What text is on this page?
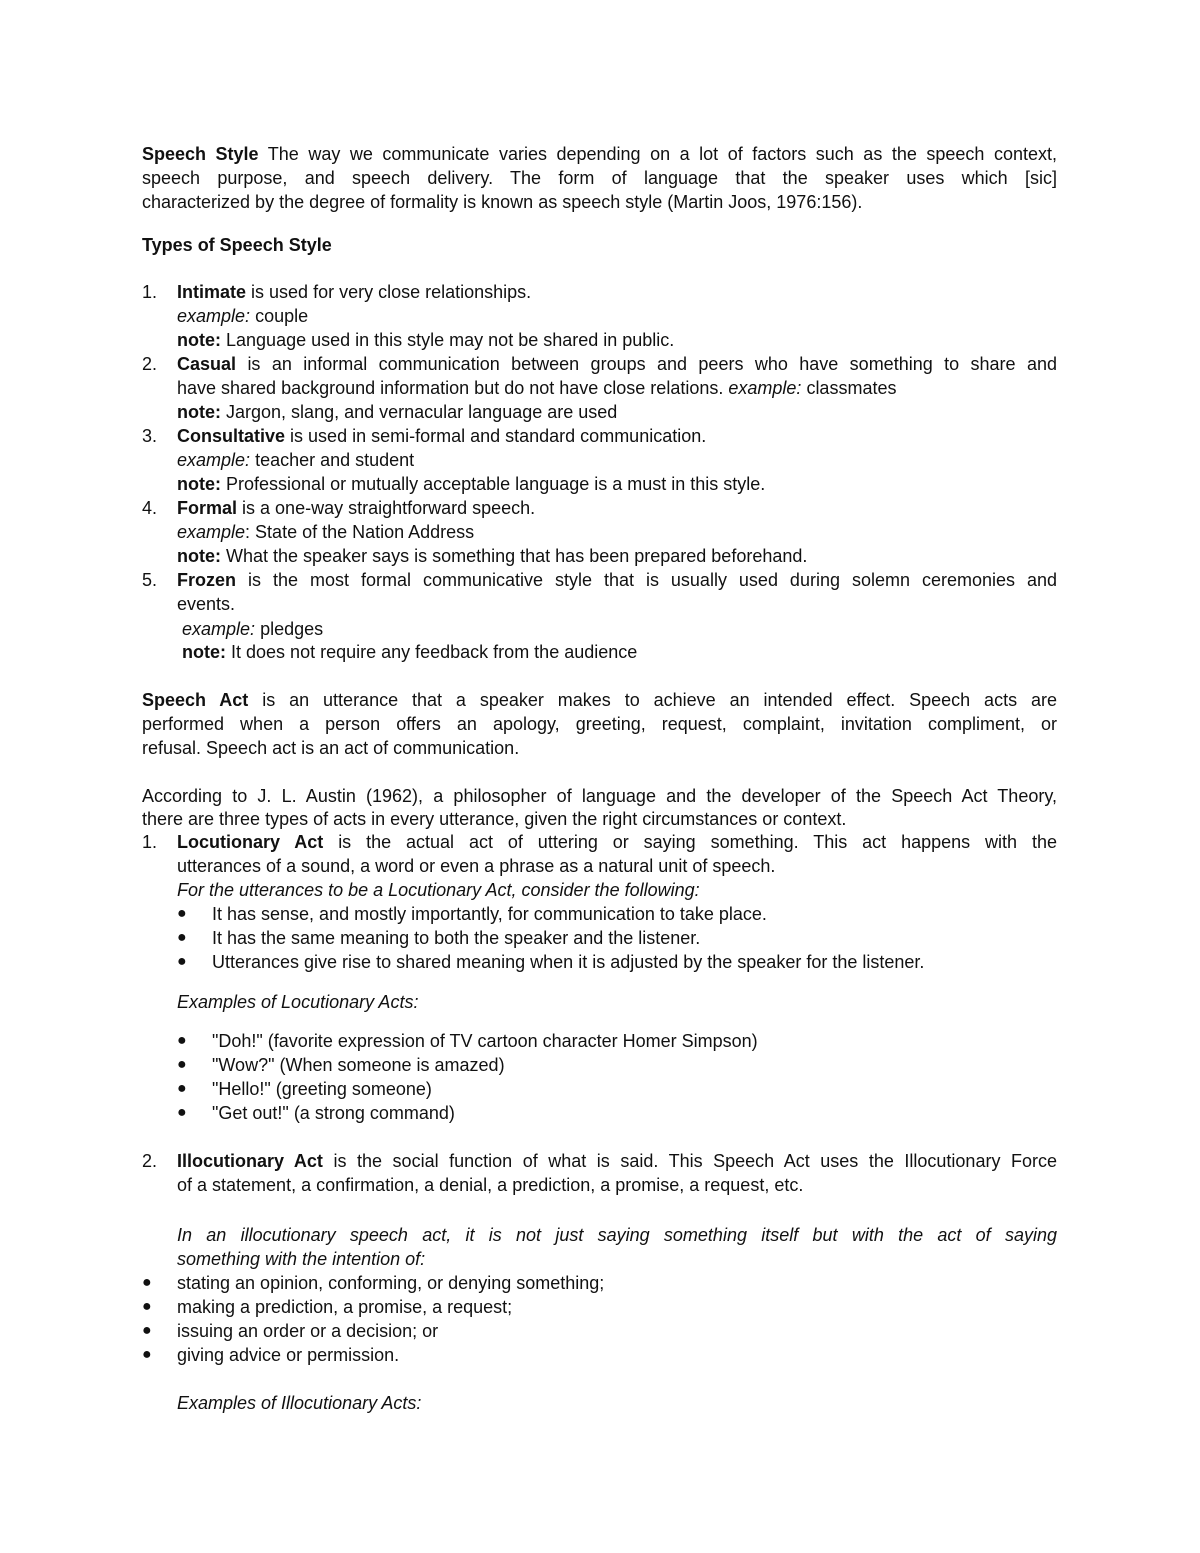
Speech Style The way we communicate varies depending on a lot of factors such as the speech context,
speech purpose, and speech delivery. The form of language that the speaker uses which [sic]
characterized by the degree of formality is known as speech style (Martin Joos, 1976:156).
Types of Speech Style
1. Intimate is used for very close relationships.
example: couple
note: Language used in this style may not be shared in public.
2. Casual is an informal communication between groups and peers who have something to share and
have shared background information but do not have close relations. example: classmates
note: Jargon, slang, and vernacular language are used
3. Consultative is used in semi-formal and standard communication.
example: teacher and student
note: Professional or mutually acceptable language is a must in this style.
4. Formal is a one-way straightforward speech.
example: State of the Nation Address
note: What the speaker says is something that has been prepared beforehand.
5. Frozen is the most formal communicative style that is usually used during solemn ceremonies and
events.
example: pledges
note: It does not require any feedback from the audience
Speech Act is an utterance that a speaker makes to achieve an intended effect. Speech acts are
performed when a person offers an apology, greeting, request, complaint, invitation compliment, or
refusal. Speech act is an act of communication.
According to J. L. Austin (1962), a philosopher of language and the developer of the Speech Act Theory,
there are three types of acts in every utterance, given the right circumstances or context.
1. Locutionary Act is the actual act of uttering or saying something. This act happens with the
utterances of a sound, a word or even a phrase as a natural unit of speech.
For the utterances to be a Locutionary Act, consider the following:
● It has sense, and mostly importantly, for communication to take place.
● It has the same meaning to both the speaker and the listener.
● Utterances give rise to shared meaning when it is adjusted by the speaker for the listener.
Examples of Locutionary Acts:
● "Doh!" (favorite expression of TV cartoon character Homer Simpson)
● "Wow?" (When someone is amazed)
● "Hello!" (greeting someone)
● "Get out!" (a strong command)
2. Illocutionary Act is the social function of what is said. This Speech Act uses the Illocutionary Force
of a statement, a confirmation, a denial, a prediction, a promise, a request, etc.
In an illocutionary speech act, it is not just saying something itself but with the act of saying
something with the intention of:
● stating an opinion, conforming, or denying something;
● making a prediction, a promise, a request;
● issuing an order or a decision; or
● giving advice or permission.
Examples of Illocutionary Acts:
